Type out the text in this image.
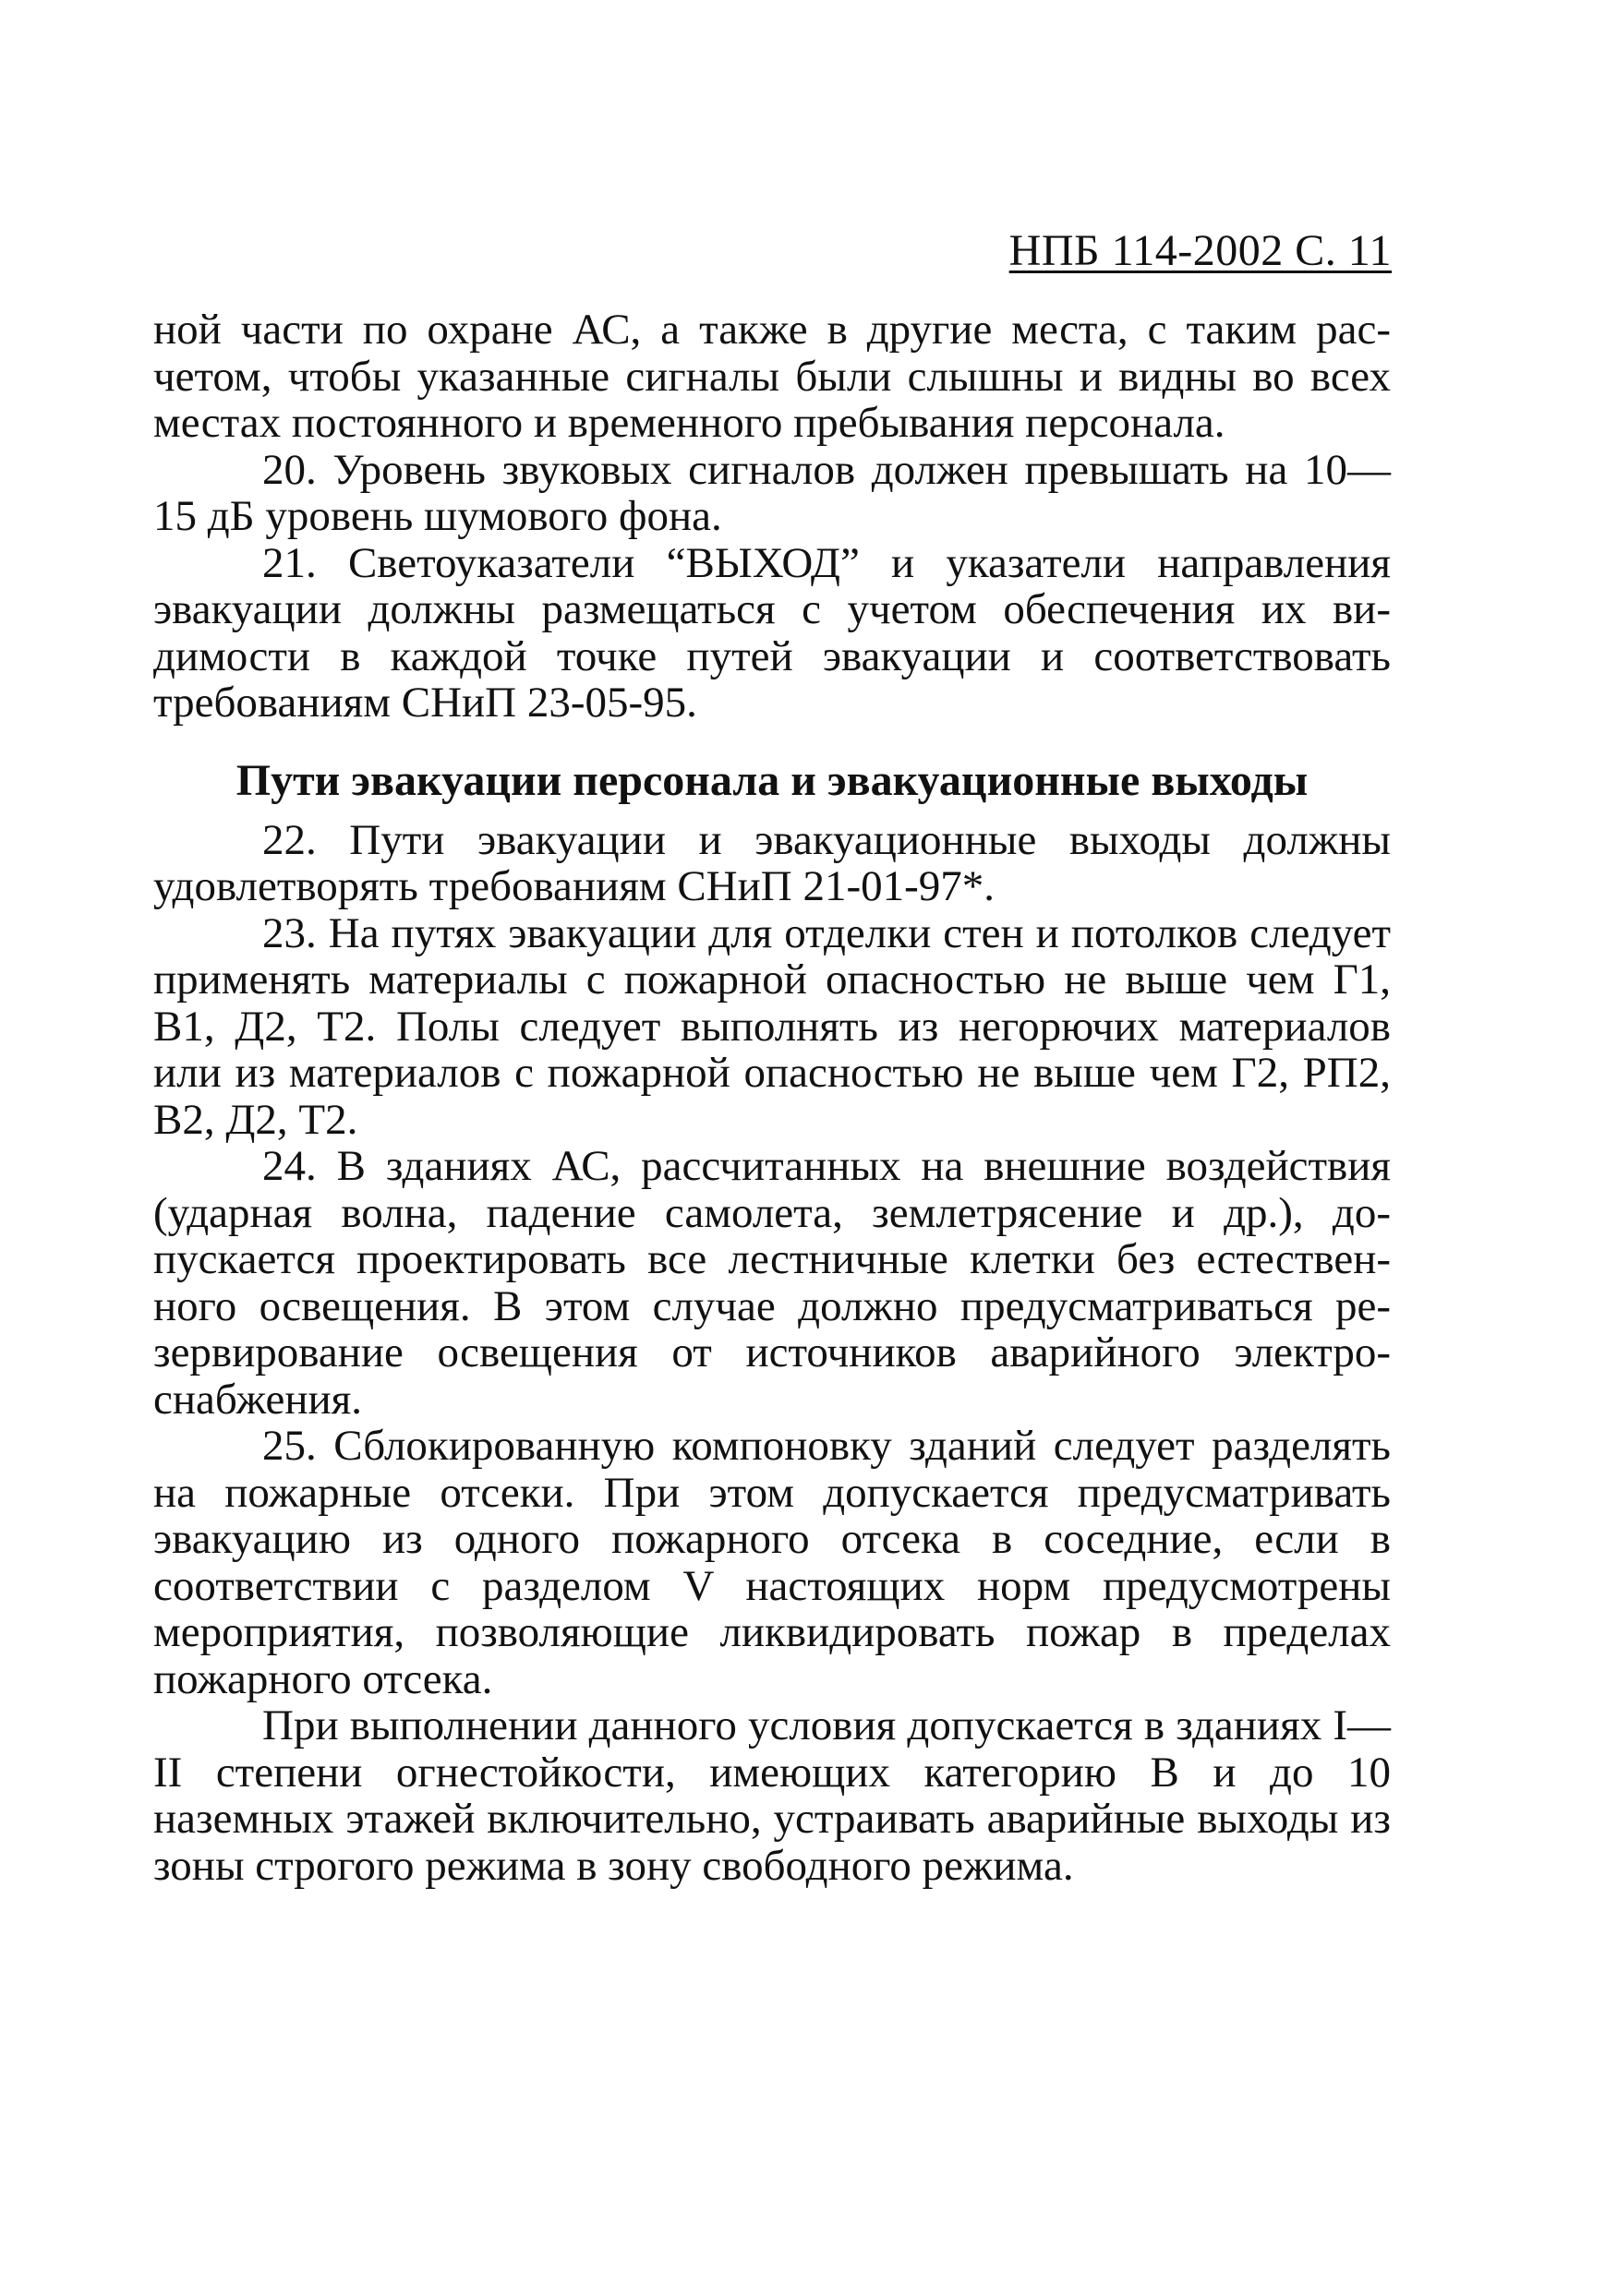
НПБ 114-2002 С. 11

ной части по охране АС, а также в другие места, с таким расчетом, чтобы указанные сигналы были слышны и видны во всех местах постоянного и временного пребывания персонала.

20. Уровень звуковых сигналов должен превышать на 10—15 дБ уровень шумового фона.

21. Светоуказатели “ВЫХОД” и указатели направления эвакуации должны размещаться с учетом обеспечения их видимости в каждой точке путей эвакуации и соответствовать требованиям СНиП 23-05-95.

Пути эвакуации персонала и эвакуационные выходы

22. Пути эвакуации и эвакуационные выходы должны удовлетворять требованиям СНиП 21-01-97*.

23. На путях эвакуации для отделки стен и потолков следует применять материалы с пожарной опасностью не выше чем Г1, В1, Д2, Т2. Полы следует выполнять из негорючих материалов или из материалов с пожарной опасностью не выше чем Г2, РП2, В2, Д2, Т2.

24. В зданиях АС, рассчитанных на внешние воздействия (ударная волна, падение самолета, землетрясение и др.), допускается проектировать все лестничные клетки без естественного освещения. В этом случае должно предусматриваться резервирование освещения от источников аварийного электроснабжения.

25. Сблокированную компоновку зданий следует разделять на пожарные отсеки. При этом допускается предусматривать эвакуацию из одного пожарного отсека в соседние, если в соответствии с разделом V настоящих норм предусмотрены мероприятия, позволяющие ликвидировать пожар в пределах пожарного отсека.

При выполнении данного условия допускается в зданиях I—II степени огнестойкости, имеющих категорию В и до 10 наземных этажей включительно, устраивать аварийные выходы из зоны строгого режима в зону свободного режима.
